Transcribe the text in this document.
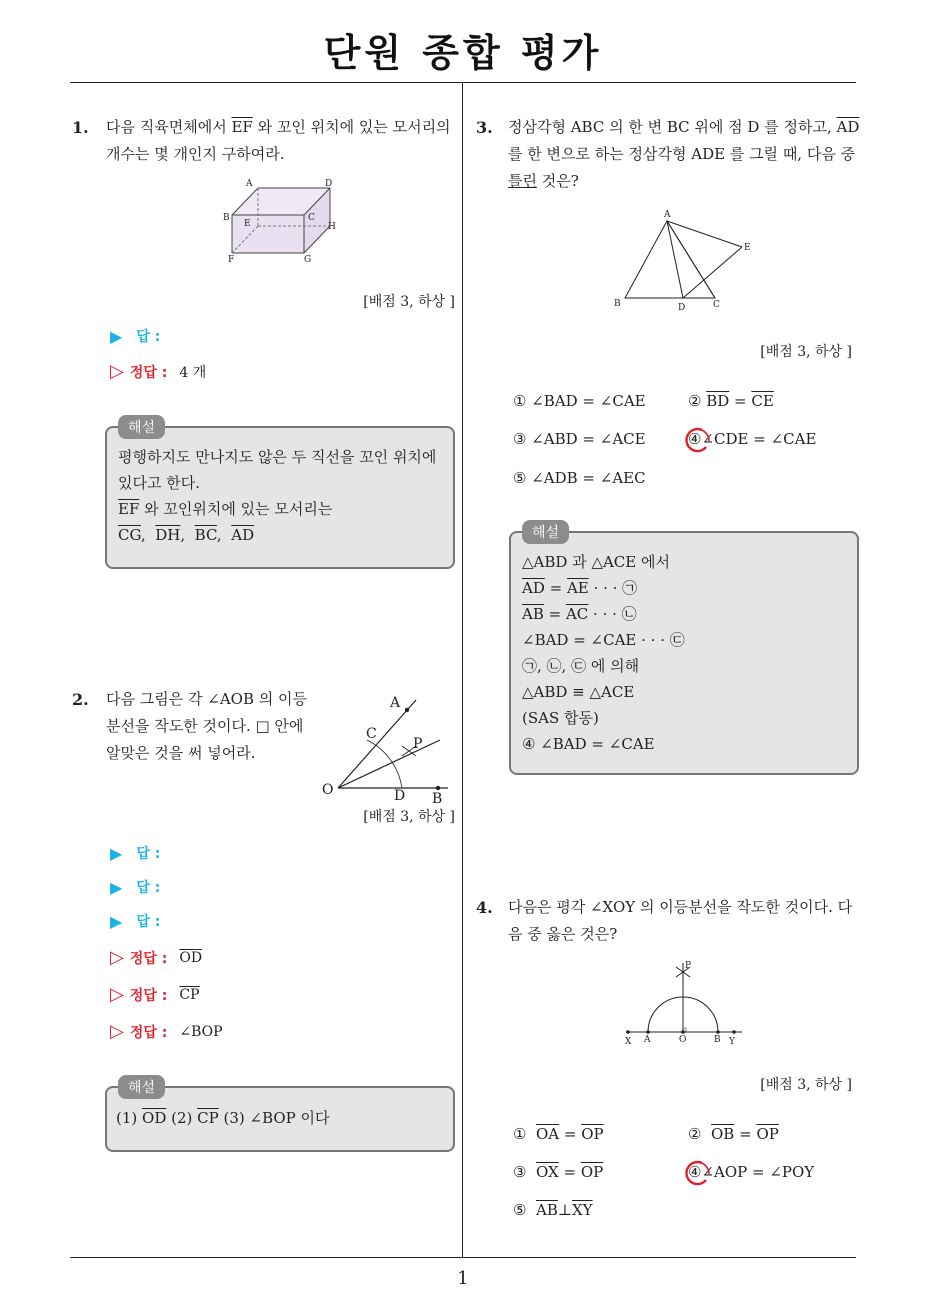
단원 종합 평가
1
1. 다음 직육면체에서 $\overline{EF}$ 와 꼬인 위치에 있는 모서리의
개수는 몇 개인지 구하여라.
A	D
B	C
E	H
F	G
[배점 3, 하상 ]
▶ 답 :
▷ 정답 : 4 개
해설
평행하지도 만나지도 않은 두 직선을 꼬인 위치에
있다고 한다.
$\overline{EF}$ 와 꼬인위치에 있는 모서리는
$\overline{CG}$,  $\overline{DH}$,  $\overline{BC}$,  $\overline{AD}$
2. 다음 그림은 각 ∠AOB 의 이등
분선을 작도한 것이다. □ 안에
알맞은 것을 써 넣어라.
A
C
P
O	D B
[배점 3, 하상 ]
▶ 답 :
▶ 답 :
▶ 답 :
▷ 정답 : $\overline{OD}$
▷ 정답 : $\overline{CP}$
▷ 정답 : ∠BOP
해설
(1) $\overline{OD}$ (2) $\overline{CP}$ (3) ∠BOP 이다
3. 정삼각형 ABC 의 한 변 BC 위에 점 D 를 정하고, $\overline{AD}$
를 한 변으로 하는 정삼각형 ADE 를 그릴 때, 다음 중
틀린 것은?
A
E
B	D	C
[배점 3, 하상 ]
① ∠BAD = ∠CAE	② $\overline{BD} = \overline{CE}$
③ ∠ABD = ∠ACE	④∠CDE = ∠CAE
⑤ ∠ADB = ∠AEC
해설
△ABD 과 △ACE 에서
$\overline{AD} = \overline{AE}$ · · · ㉠
$\overline{AB} = \overline{AC}$ · · · ㉡
∠BAD = ∠CAE · · · ㉢
㉠, ㉡, ㉢ 에 의해
△ABD ≡ △ACE
(SAS 합동)
④ ∠BAD = ∠CAE
4. 다음은 평각 ∠XOY 의 이등분선을 작도한 것이다. 다
음 중 옳은 것은?
P
X A	O	B Y
[배점 3, 하상 ]
① $\overline{OA} = \overline{OP}$	② $\overline{OB} = \overline{OP}$
③ $\overline{OX} = \overline{OP}$	④∠AOP = ∠POY
⑤ $\overline{AB}\perp\overline{XY}$
